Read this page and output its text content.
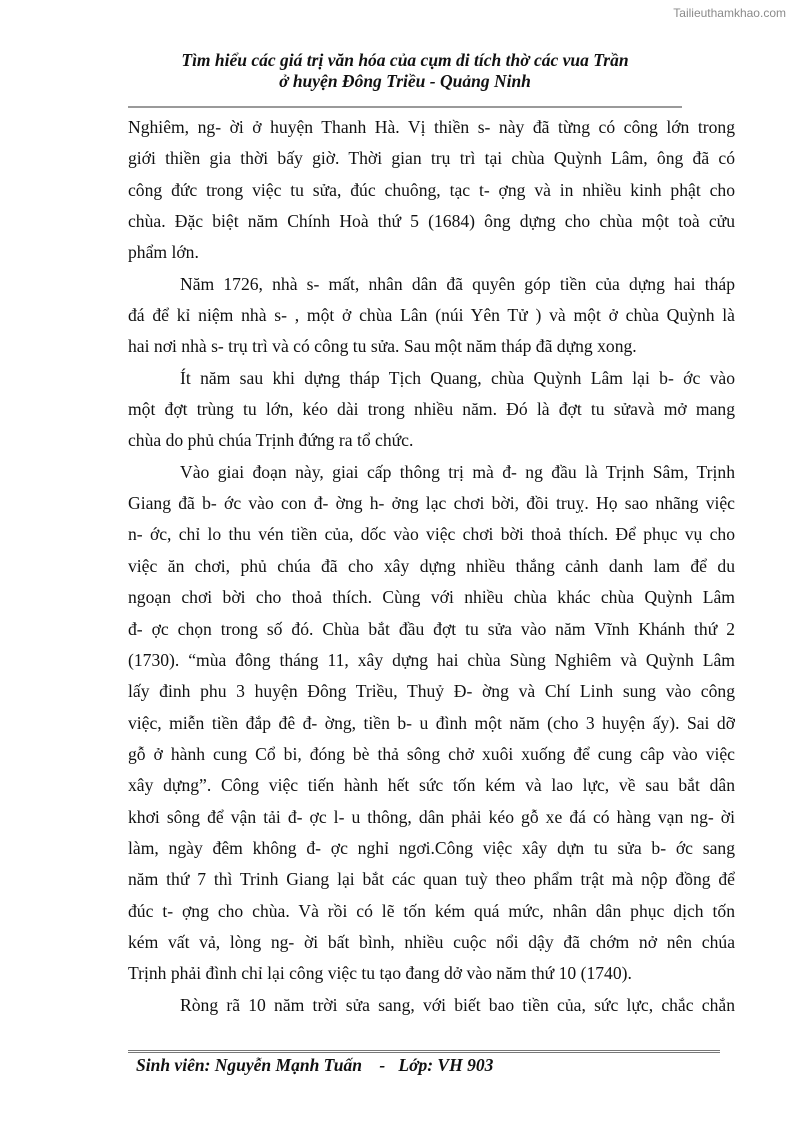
Tailieuthamkhao.com
Tìm hiểu các giá trị văn hóa của cụm di tích thờ các vua Trần
ở huyện Đông Triều - Quảng Ninh
Nghiêm, ng- ời ở huyện Thanh Hà. Vị thiền s- này đã từng có công lớn trong
giới thiền gia thời bấy giờ. Thời gian trụ trì tại chùa Quỳnh Lâm, ông đã có
công đức trong việc tu sửa, đúc chuông, tạc t- ợng và in nhiều kinh phật cho
chùa. Đặc biệt năm Chính Hoà thứ 5 (1684) ông dựng cho chùa một toà cửu
phẩm lớn.
Năm 1726, nhà s- mất, nhân dân đã quyên góp tiền của dựng hai tháp
đá để kỉ niệm nhà s- , một ở chùa Lân (núi Yên Tử ) và một ở chùa Quỳnh là
hai nơi nhà s- trụ trì và có công tu sửa. Sau một năm tháp đã dựng xong.
Ít năm sau khi dựng tháp Tịch Quang, chùa Quỳnh Lâm lại b- ớc vào
một đợt trùng tu lớn, kéo dài trong nhiều năm. Đó là đợt tu sửavà mở mang
chùa do phủ chúa Trịnh đứng ra tổ chức.
Vào giai đoạn này, giai cấp thông trị mà đ- ng đầu là Trịnh Sâm, Trịnh
Giang đã b- ớc vào con đ- ờng h- ởng lạc chơi bời, đồi truỵ. Họ sao nhãng việc
n- ớc, chỉ lo thu vén tiền của, dốc vào việc chơi bời thoả thích. Để phục vụ cho
việc ăn chơi, phủ chúa đã cho xây dựng nhiều thắng cảnh danh lam để du
ngoạn chơi bời cho thoả thích. Cùng với nhiều chùa khác chùa Quỳnh Lâm
đ- ợc chọn trong số đó. Chùa bắt đầu đợt tu sửa vào năm Vĩnh Khánh thứ 2
(1730). “mùa đông tháng 11, xây dựng hai chùa Sùng Nghiêm và Quỳnh Lâm
lấy đinh phu 3 huyện Đông Triều, Thuỷ Đ- ờng và Chí Linh sung vào công
việc, miễn tiền đắp đê đ- ờng, tiền b- u đình một năm (cho 3 huyện ấy). Sai dỡ
gỗ ở hành cung Cổ bi, đóng bè thả sông chở xuôi xuống để cung câp vào việc
xây dựng”. Công việc tiến hành hết sức tốn kém và lao lực, về sau bắt dân
khơi sông để vận tải đ- ợc l- u thông, dân phải kéo gỗ xe đá có hàng vạn ng- ời
làm, ngày đêm không đ- ợc nghỉ ngơi.Công việc xây dựn tu sửa b- ớc sang
năm thứ 7 thì Trinh Giang lại bắt các quan tuỳ theo phẩm trật mà nộp đồng để
đúc t- ợng cho chùa. Và rồi có lẽ tốn kém quá mức, nhân dân phục dịch tốn
kém vất vả, lòng ng- ời bất bình, nhiều cuộc nổi dậy đã chớm nở nên chúa
Trịnh phải đình chỉ lại công việc tu tạo đang dở vào năm thứ 10 (1740).
Ròng rã 10 năm trời sửa sang, với biết bao tiền của, sức lực, chắc chắn
Sinh viên: Nguyễn Mạnh Tuấn    -   Lớp: VH 903
